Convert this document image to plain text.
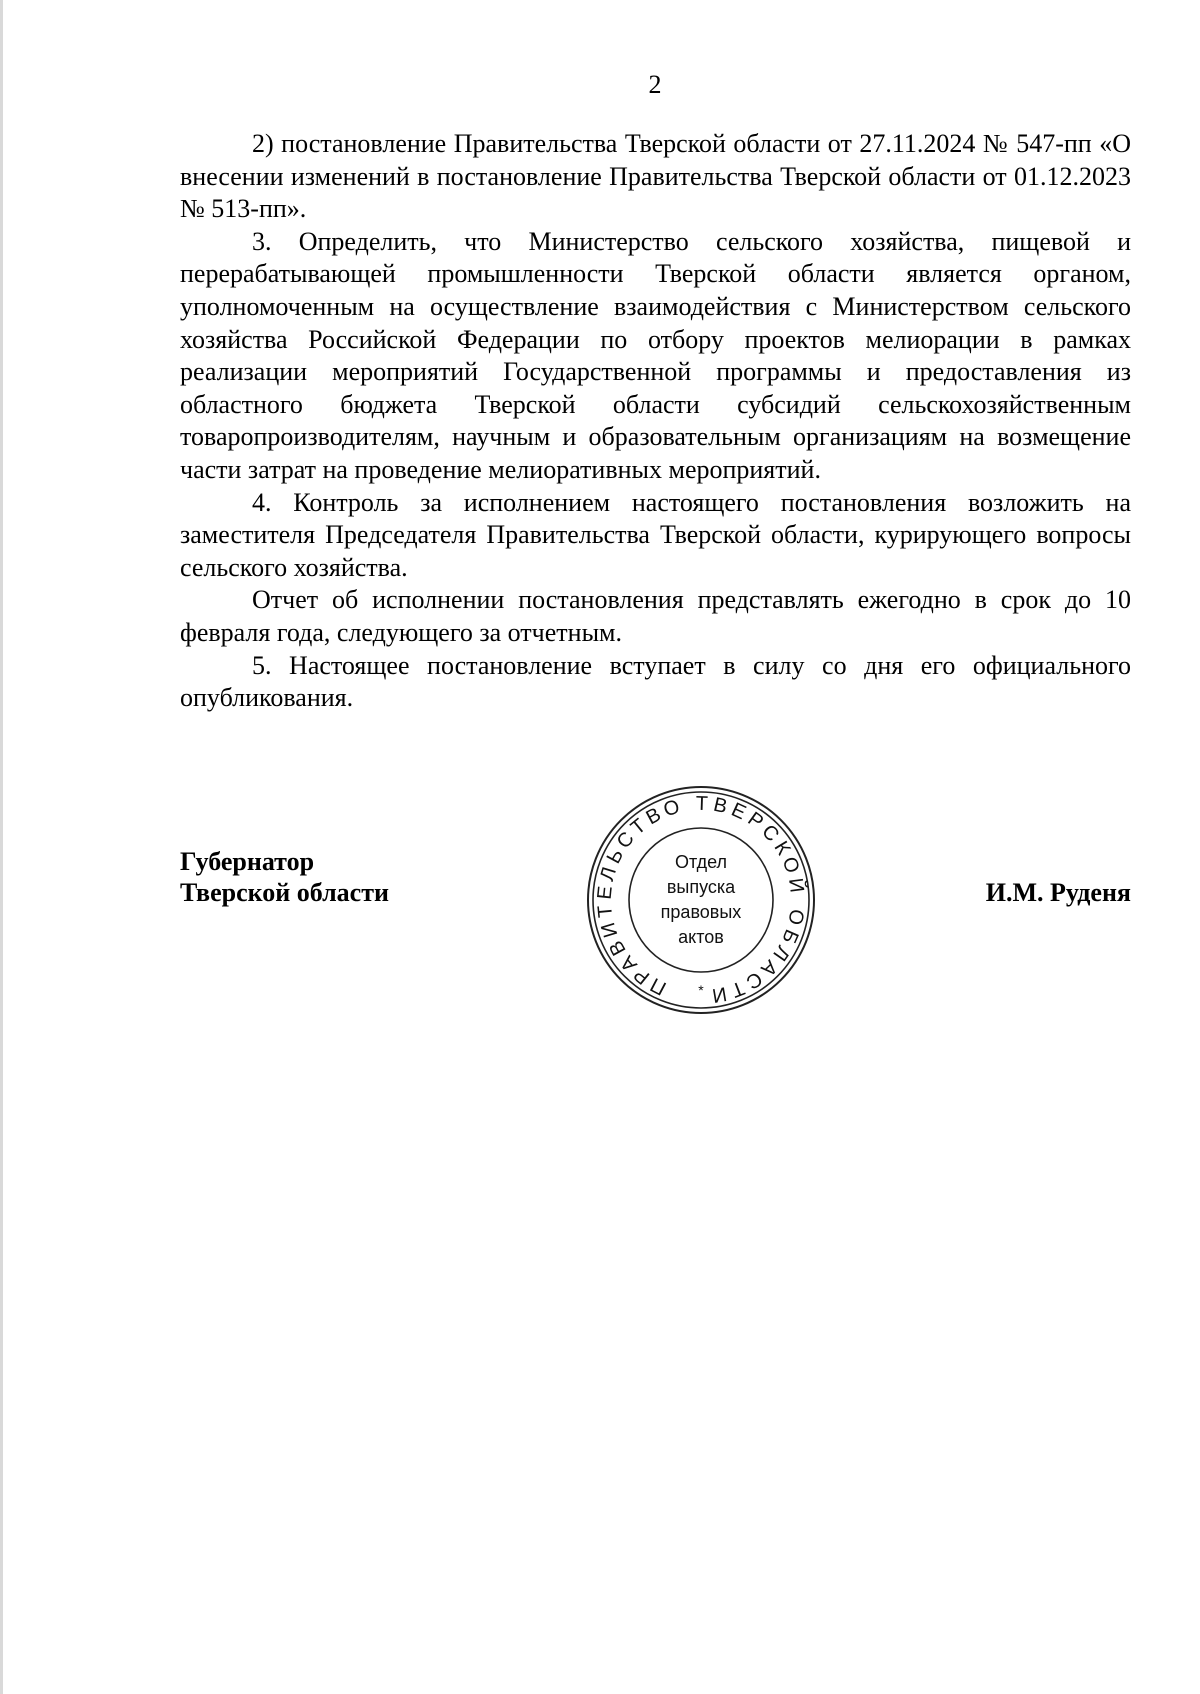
2

2) постановление Правительства Тверской области от 27.11.2024 № 547-пп «О внесении изменений в постановление Правительства Тверской области от 01.12.2023 № 513-пп».

3. Определить, что Министерство сельского хозяйства, пищевой и перерабатывающей промышленности Тверской области является органом, уполномоченным на осуществление взаимодействия с Министерством сельского хозяйства Российской Федерации по отбору проектов мелиорации в рамках реализации мероприятий Государственной программы и предоставления из областного бюджета Тверской области субсидий сельскохозяйственным товаропроизводителям, научным и образовательным организациям на возмещение части затрат на проведение мелиоративных мероприятий.

4. Контроль за исполнением настоящего постановления возложить на заместителя Председателя Правительства Тверской области, курирующего вопросы сельского хозяйства.

Отчет об исполнении постановления представлять ежегодно в срок до 10 февраля года, следующего за отчетным.

5. Настоящее постановление вступает в силу со дня его официального опубликования.

Губернатор
Тверской области
ПРАВИТЕЛЬСТВО ТВЕРСКОЙ ОБЛАСТИ
*
Отдел
выпуска
правовых
актов
И.М. Руденя
